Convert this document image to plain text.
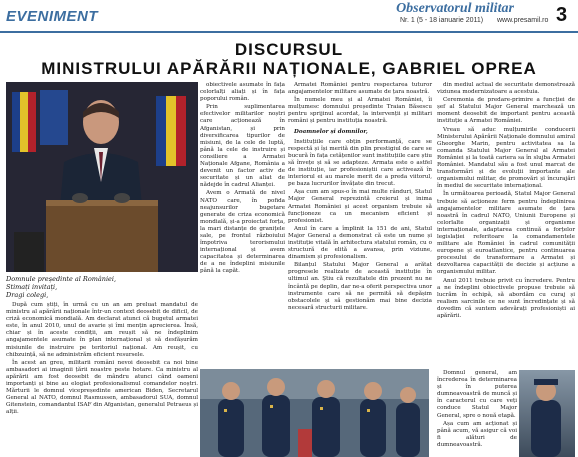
EVENIMENT	Observatorul militar
Nr. 1 (5 - 18 ianuarie 2011) www.presamil.ro 3
DISCURSUL
MINISTRULUI APĂRĂRII NAȚIONALE, GABRIEL OPREA
Domnule președinte al României,
Stimați invitați,
Dragi colegi,

După cum știți, în urmă cu un an am preluat mandatul de ministru al apărării naționale într-un context deosebit de dificil, de criză economică mondială. Am declarat atunci că bugetul armatei este, în anul 2010, unul de avarie și îmi mențin aprecierea. Însă, chiar și în aceste condiții, am reușit să ne îndeplinim angajamentele asumate în plan internațional și să desfășurăm misiunile de instruire pe teritoriul național. Am reușit, cu chibzuință, să ne administrăm eficient resursele.

În acest an greu, militarii români nevoi deosebit ca noi bine ambasadori ai imaginii țării noastre peste hotare. Ca ministru al apărării am fost deosebit de mândru atunci când oameni importanți și bine au elogiat profesionalismul comandelor noștri. Mărturii le domnul vicepreședinte american Biden, Secretarul General al NATO, domnul Rasmussen, ambasadorul SUA, domnul Gitenstein, comandantul ISAF din Afganistan, generalul Petraeus și alții.

obiectivele asumate în fața celorlalți aliați și în fața poporului român.

Prin suplimentarea efectivelor militarilor noștri care acționează în Afganistan, și prin diversificarea tipurilor de misiuni, de la cele de luptă, până la cele de instruire și consiliere a Armatei Naționale Afgane, România a devenit un factor activ de securitate și un aliat de nădejde în cadrul Alianței.

Avem o Armată de nivel NATO care, în pofida neajunsurilor bugetare generate de criza economică mondială, și-a proiectat forța, la mari distanțe de granițele sale, pe frontul războiului împotriva terorismului internațional și avem capacitatea și determinarea de a ne îndeplini misiunile până la capăt.

Armatei României pentru respectarea tuturor angajamentelor militare asumate de țara noastră.

În numele meu și al Armatei României, îi mulțumesc domnului președinte Traian Băsescu pentru sprijinul acordat, la intervenții și militari români și pentru instituția noastră.

Doamnelor și domnilor,

Instituțiile care obțin performanță, care se respectă și își merită din plin prestigiul de care se bucură în fața cetățenilor sunt instituțiile care știu să învețe și să se adapteze. Armata este o astfel de instituție, iar profesioniștii care activează în interiorul ei au marele merit de a preda viitorul, pe baza lucrurilor învățate din trecut.

Așa cum am spus-o în mai multe rânduri, Statul Major General reprezintă creierul și inima Armatei României și acest organism trebuie să funcționeze ca un mecanism eficient și profesionist.

Anul în care a împlinit la 151 de ani, Statul Major General a demonstrat că este un nume și instituție vitală în arhitectura statului român, cu o structură de elită a avansa, prin viziune, dinamism și profesionalism.

Bilanțul Statului Major General a arătat progresele realizate de această instituție în ultimul an. Știu că rezultatele din prezent nu ne încântă pe deplin, dar ne-a oferit perspectiva unor instrumente care să ne permită să depășim obstacolele și să gestionăm mai bine decizia necesară structurii militare.

din mediul actual de securitate demonstrează viziunea modernizatoare a acestuia.

Ceremonia de predare-primire a funcției de șef al Statului Major General marchează un moment deosebit de important pentru această instituție a Armatei României.

Vreau să aduc mulțumirile conducerii Ministerului Apărării Naționale domnului amiral Gheorghe Marin, pentru activitatea sa la comanda Statului Major General al Armatei României și la toată cariera sa în slujba Armatei României. Mandatul său a fost unul marcat de transformări și de evoluții importante ale organismului militar, de promovări și încurajări în mediul de securitate internațional.

În următoarea perioadă, Statul Major General trebuie să acționeze ferm pentru îndeplinirea angajamentelor militare asumate de țara noastră în cadrul NATO, Uniunii Europene și celorlalte organizații și organisme internaționale, adaptarea continuă a forțelor legislației referitoare la comandamentele militare ale României în cadrul comunității europene și euroatlantice, pentru continuarea procesului de transformare a Armatei și dezvoltarea capacității de decizie și acțiune a organismului militar.

Anul 2011 trebuie privit cu încredere. Pentru a ne îndeplini obiectivele propuse trebuie să lucrăm în echipă, să abordăm cu curaj și realism sarcinile ce ne sunt încredințate și să dovedim că suntem adevărați profesioniști ai apărării.

Domnul general, am încrederea în determinarea și în puterea dumneavoastră de muncă și în caracterul cu care veți conduce Statul Major General, spre o nouă etapă.

Așa cum am acționat și până acum, vă asigur că voi fi alături de dumneavoastră.
